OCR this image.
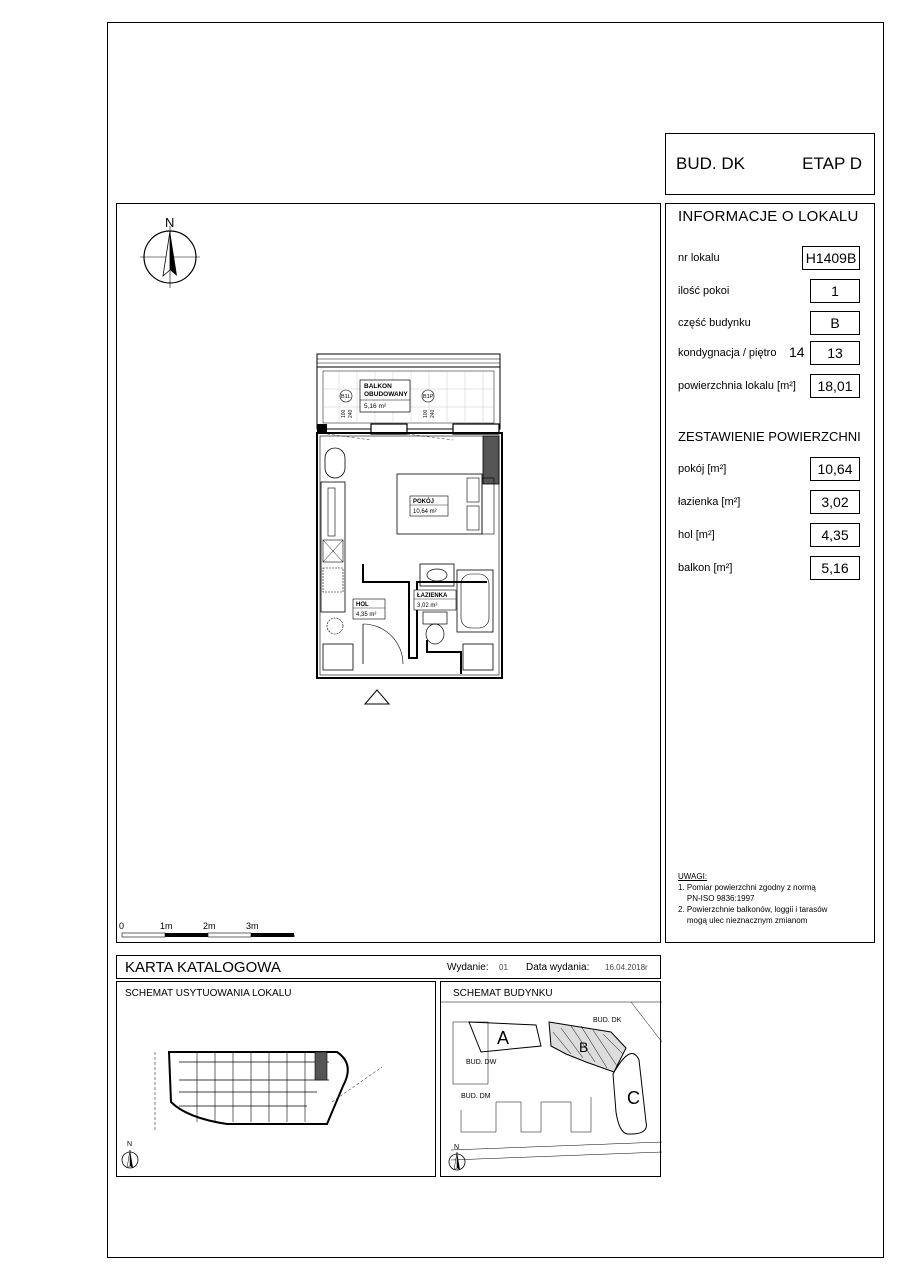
BUD. DK	ETAP D
N
BALKON
OBUDOWANY
5,16 m²
B1L	B1P
100 240	100 240
POKÓJ
10,64 m²
ŁAZIENKA
3,02 m²
HOL
4,35 m²
0	1m	2m	3m
INFORMACJE O LOKALU
nr lokalu	H1409B
ilość pokoi	1
część budynku	B
kondygnacja / piętro 14	13
powierzchnia lokalu [m²]	18,01
ZESTAWIENIE POWIERZCHNI
pokój [m²]	10,64
łazienka [m²]	3,02
hol [m²]	4,35
balkon [m²]	5,16
UWAGI:
1. Pomiar powierzchni zgodny z normą
PN-ISO 9836:1997
2. Powierzchnie balkonów, loggii i tarasów
mogą ulec nieznacznym zmianom
KARTA KATALOGOWA	Wydanie: 01 Data wydania: 16.04.2018r
SCHEMAT USYTUOWANIA LOKALU
N
SCHEMAT BUDYNKU
BUD. DK
BUD. DW
BUD. DM
A	B
C
N
